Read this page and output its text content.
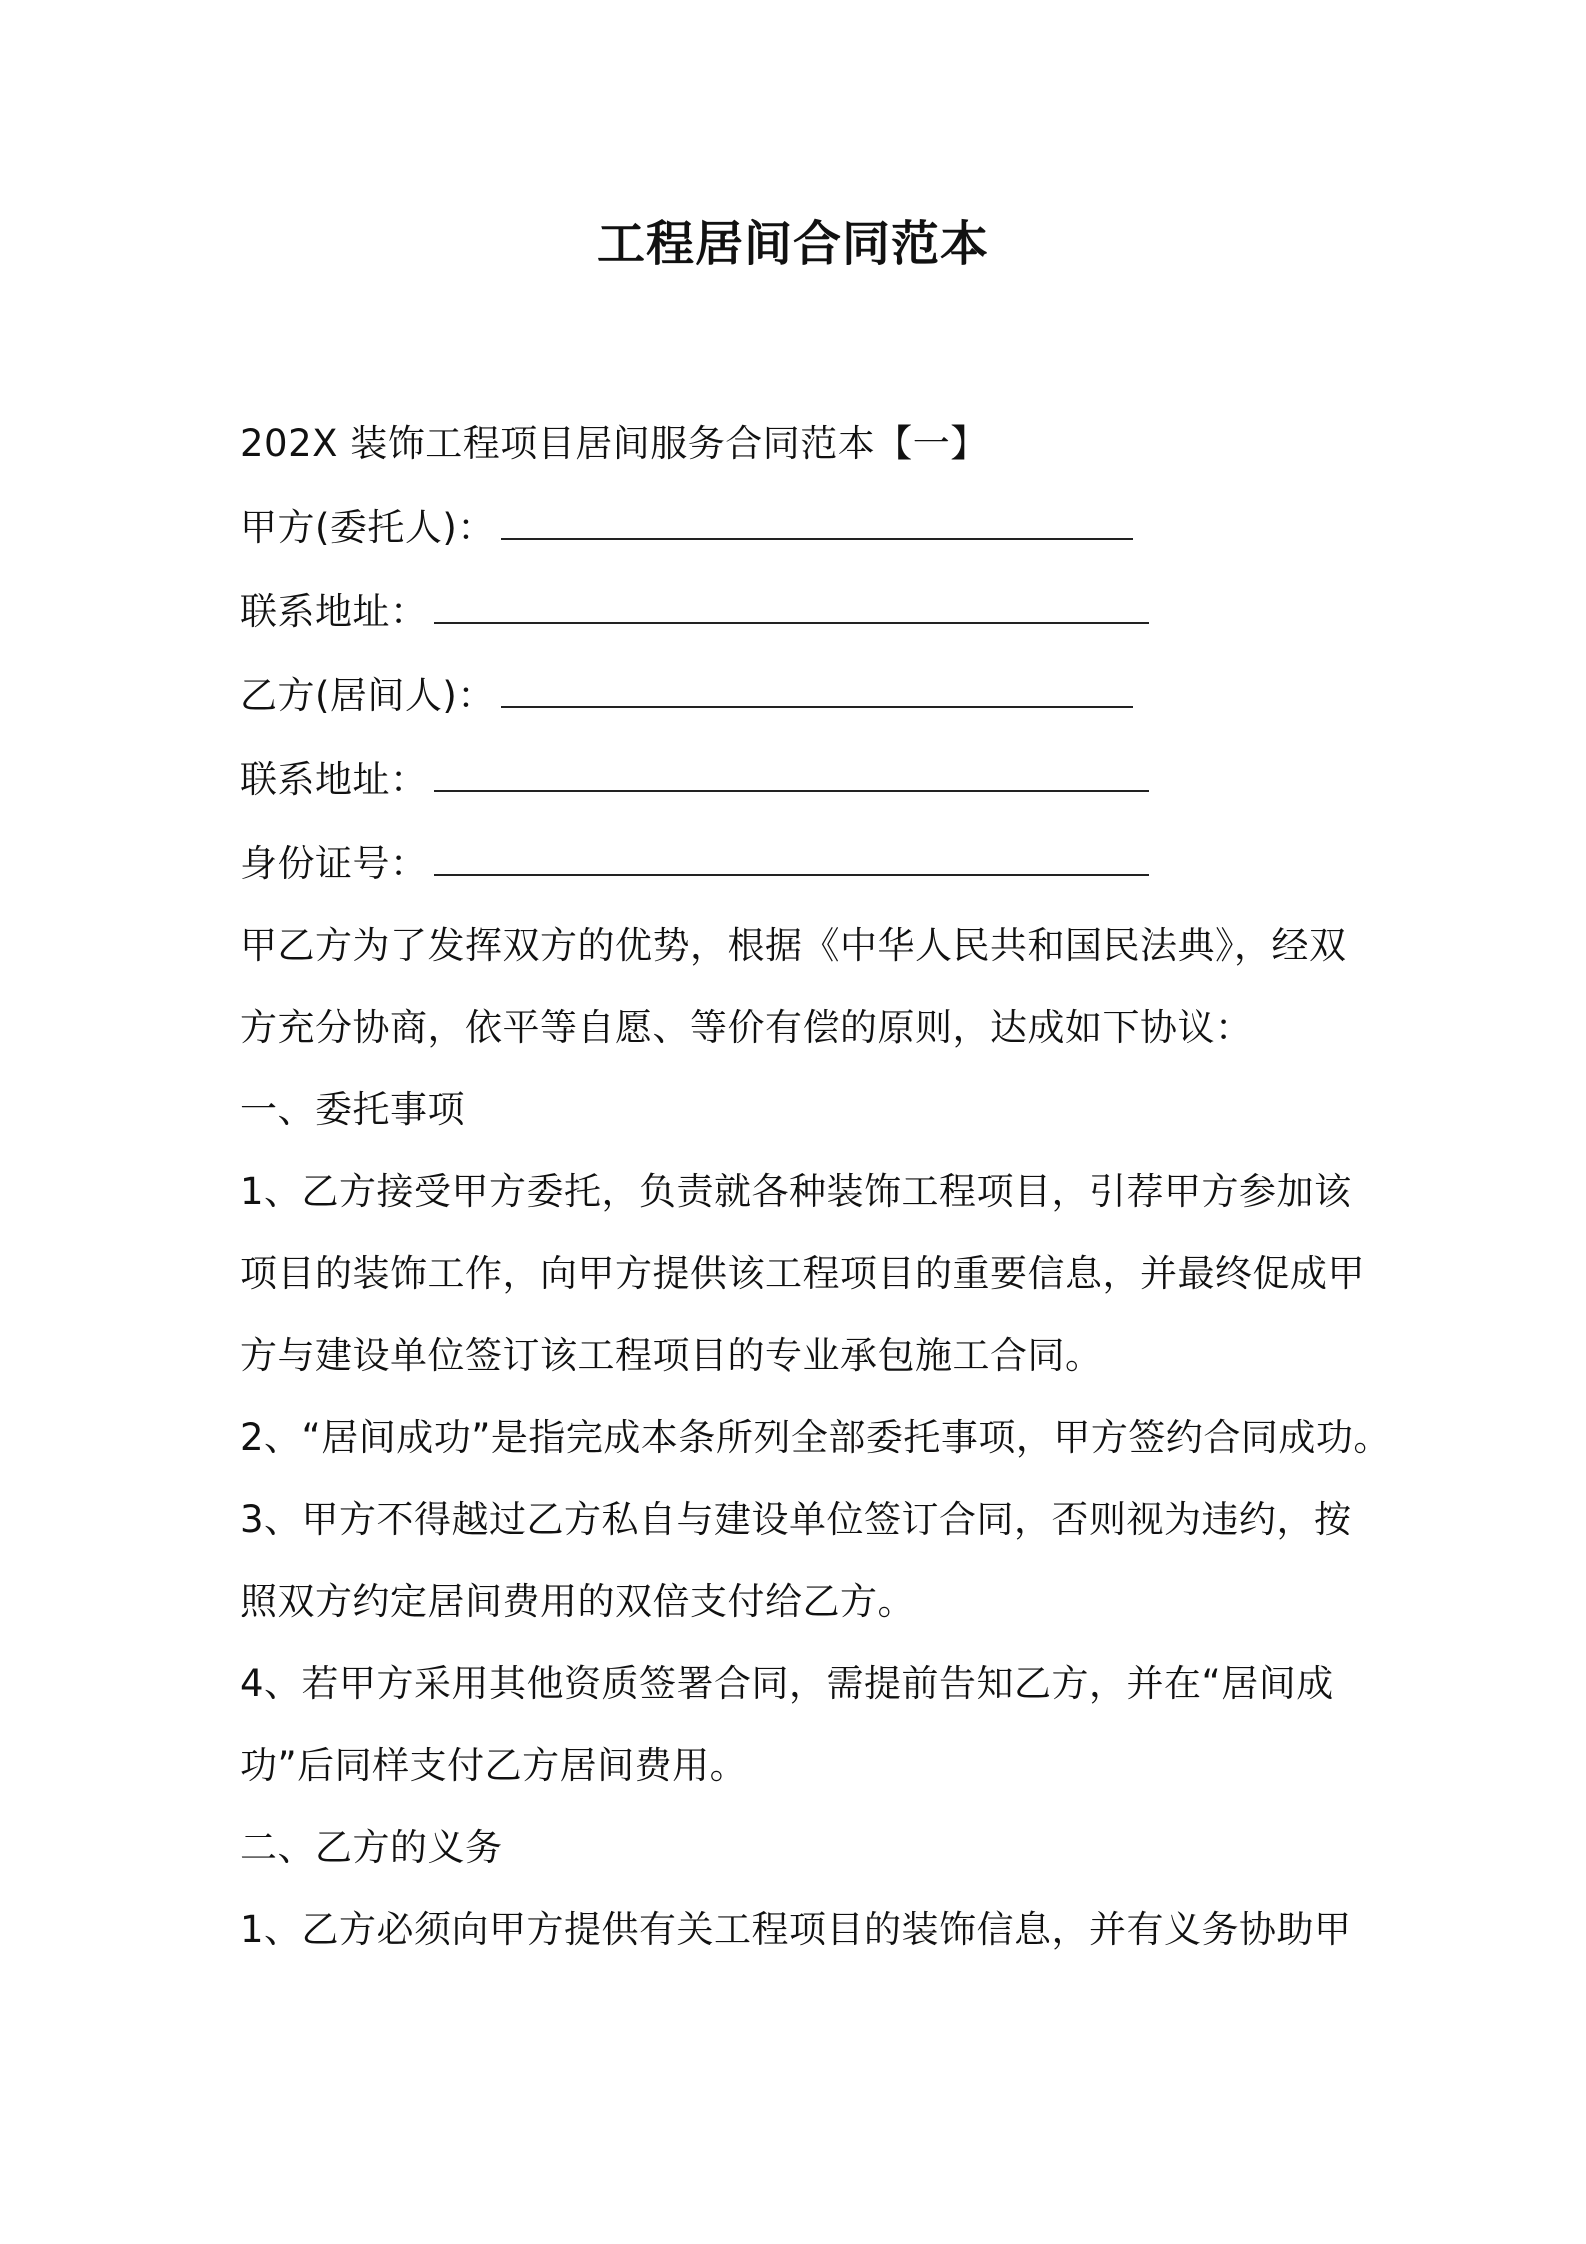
工程居间合同范本
202X 装饰工程项目居间服务合同范本【一】
甲方(委托人)：
联系地址：
乙方(居间人)：
联系地址：
身份证号：
甲乙方为了发挥双方的优势，根据《中华人民共和国民法典》，经双
方充分协商，依平等自愿、等价有偿的原则，达成如下协议：
一、委托事项
1、乙方接受甲方委托，负责就各种装饰工程项目，引荐甲方参加该
项目的装饰工作，向甲方提供该工程项目的重要信息，并最终促成甲
方与建设单位签订该工程项目的专业承包施工合同。
2、“居间成功”是指完成本条所列全部委托事项，甲方签约合同成功。
3、甲方不得越过乙方私自与建设单位签订合同，否则视为违约，按
照双方约定居间费用的双倍支付给乙方。
4、若甲方采用其他资质签署合同，需提前告知乙方，并在“居间成
功”后同样支付乙方居间费用。
二、乙方的义务
1、乙方必须向甲方提供有关工程项目的装饰信息，并有义务协助甲
